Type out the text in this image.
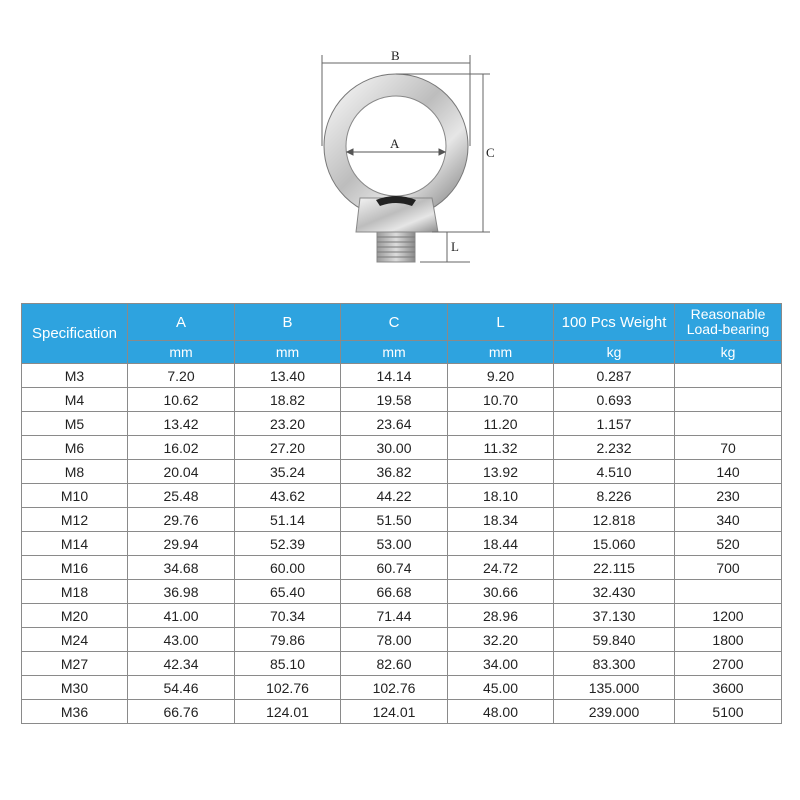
B
A
C
L
Specification	A	B	C	L	100 Pcs Weight	Reasonable
Load-bearing
	mm	mm	mm	mm	kg	kg
M3	7.20	13.40	14.14	9.20	0.287	
M4	10.62	18.82	19.58	10.70	0.693	
M5	13.42	23.20	23.64	11.20	1.157	
M6	16.02	27.20	30.00	11.32	2.232	70
M8	20.04	35.24	36.82	13.92	4.510	140
M10	25.48	43.62	44.22	18.10	8.226	230
M12	29.76	51.14	51.50	18.34	12.818	340
M14	29.94	52.39	53.00	18.44	15.060	520
M16	34.68	60.00	60.74	24.72	22.115	700
M18	36.98	65.40	66.68	30.66	32.430	
M20	41.00	70.34	71.44	28.96	37.130	1200
M24	43.00	79.86	78.00	32.20	59.840	1800
M27	42.34	85.10	82.60	34.00	83.300	2700
M30	54.46	102.76	102.76	45.00	135.000	3600
M36	66.76	124.01	124.01	48.00	239.000	5100
